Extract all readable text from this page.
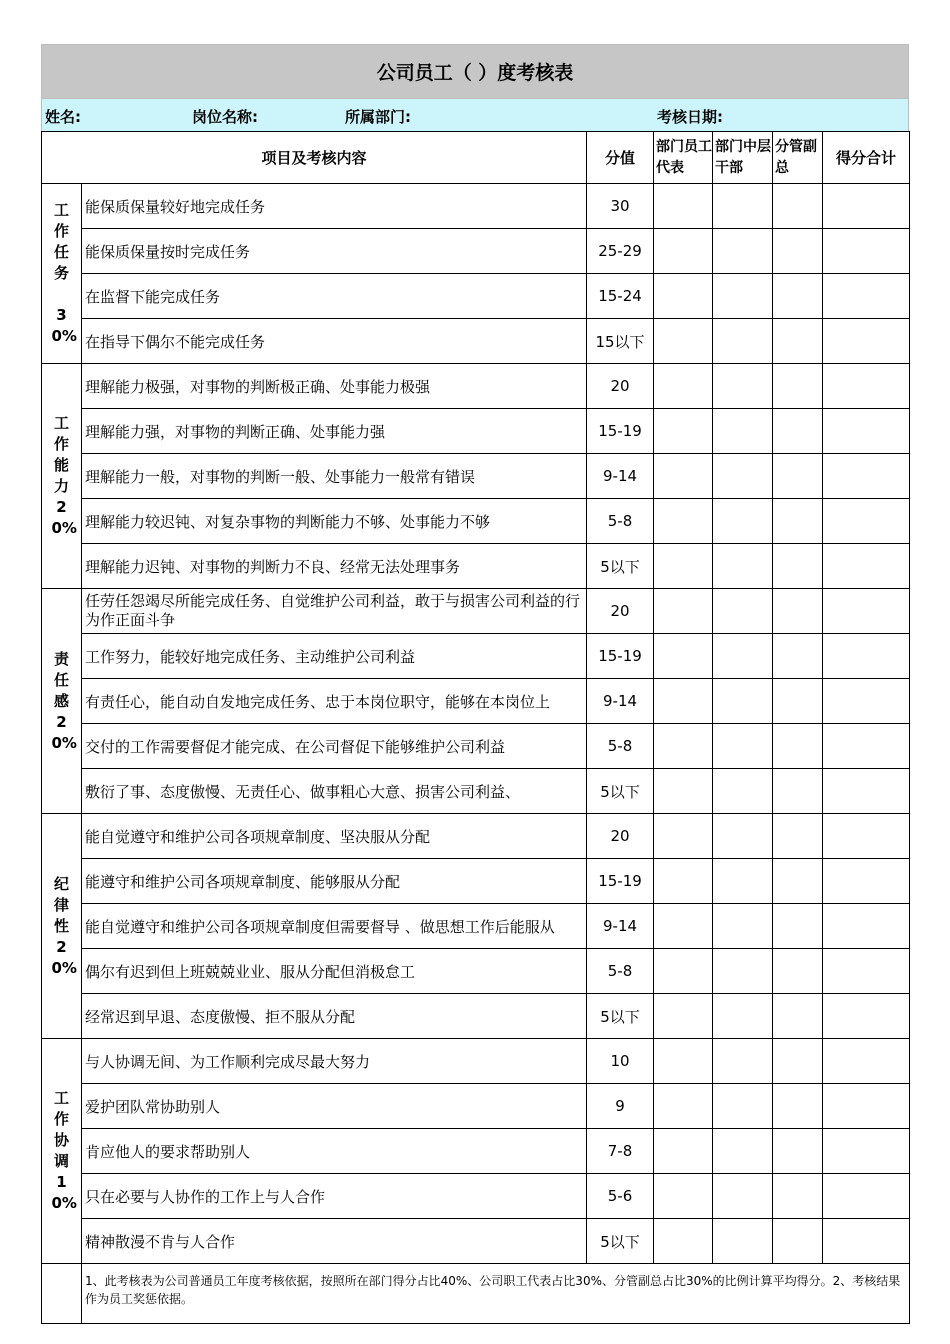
公司员工（ ）度考核表
姓名:	岗位名称:	所属部门:	考核日期:
项目及考核内容		分值	部门员工代表	部门中层干部	分管副总	得分合计

工作任务
30%	能保质保量较好地完成任务	30				
	能保质保量按时完成任务	25-29				
	在监督下能完成任务	15-24				
	在指导下偶尔不能完成任务	15以下				

工作能力
20%	理解能力极强，对事物的判断极正确、处事能力极强	20				
	理解能力强，对事物的判断正确、处事能力强	15-19				
	理解能力一般，对事物的判断一般、处事能力一般常有错误	9-14				
	理解能力较迟钝、对复杂事物的判断能力不够、处事能力不够	5-8				
	理解能力迟钝、对事物的判断力不良、经常无法处理事务	5以下				

责任感
20%	任劳任怨竭尽所能完成任务、自觉维护公司利益，敢于与损害公司利益的行为作正面斗争	20				
	工作努力，能较好地完成任务、主动维护公司利益	15-19				
	有责任心，能自动自发地完成任务、忠于本岗位职守，能够在本岗位上	9-14				
	交付的工作需要督促才能完成、在公司督促下能够维护公司利益	5-8				
	敷衍了事、态度傲慢、无责任心、做事粗心大意、损害公司利益、	5以下				

纪律性
20%	能自觉遵守和维护公司各项规章制度、坚决服从分配	20				
	能遵守和维护公司各项规章制度、能够服从分配	15-19				
	能自觉遵守和维护公司各项规章制度但需要督导 、做思想工作后能服从	9-14				
	偶尔有迟到但上班兢兢业业、服从分配但消极怠工	5-8				
	经常迟到早退、态度傲慢、拒不服从分配	5以下				

工作协调
10%	与人协调无间、为工作顺利完成尽最大努力	10				
	爱护团队常协助别人	9				
	肯应他人的要求帮助别人	7-8				
	只在必要与人协作的工作上与人合作	5-6				
	精神散漫不肯与人合作	5以下				
	1、此考核表为公司普通员工年度考核依据，按照所在部门得分占比40%、公司职工代表占比30%、分管副总占比30%的比例计算平均得分。2、考核结果作为员工奖惩依据。					
